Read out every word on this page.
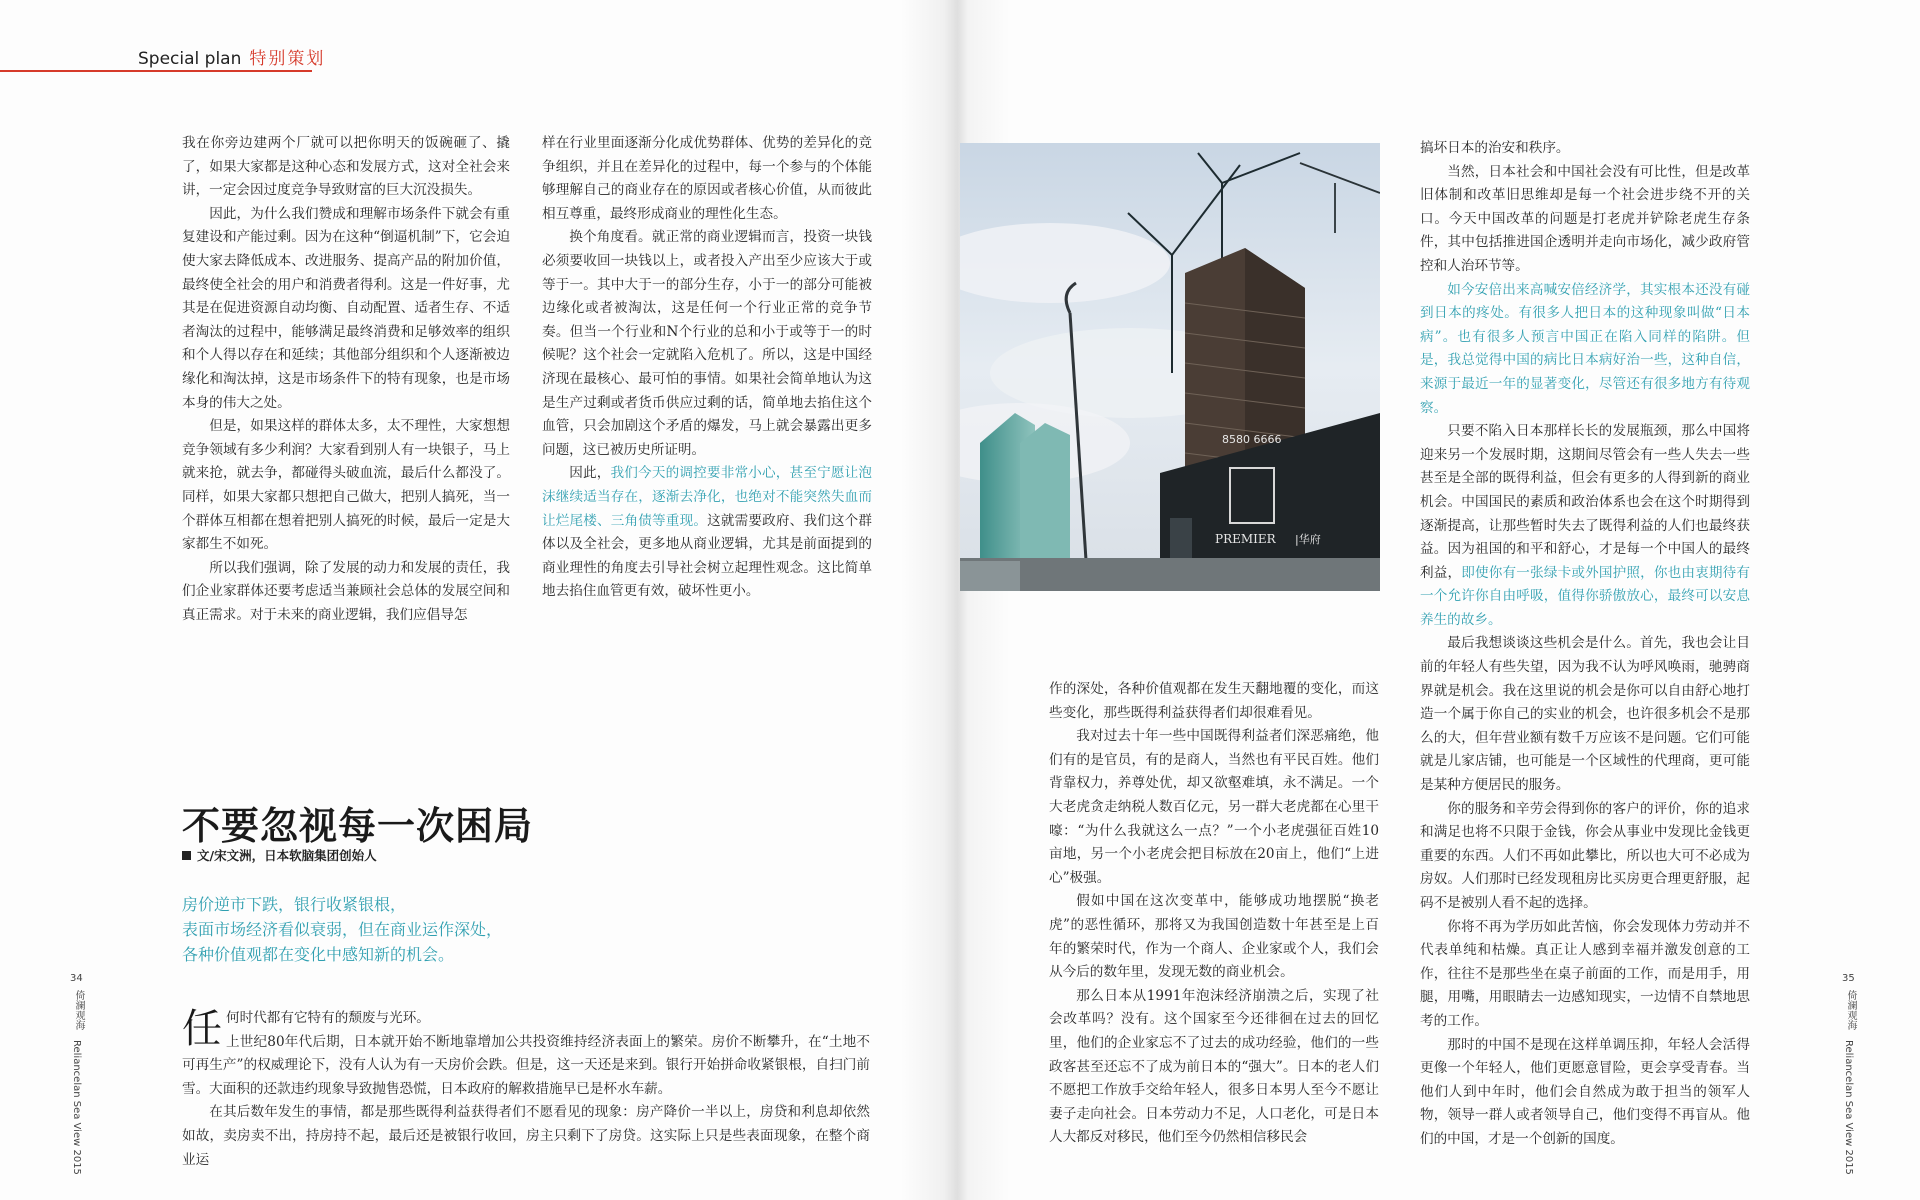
Special plan 特别策划

我在你旁边建两个厂就可以把你明天的饭碗砸了、撬了，如果大家都是这种心态和发展方式，这对全社会来讲，一定会因过度竞争导致财富的巨大沉没损失。

因此，为什么我们赞成和理解市场条件下就会有重复建设和产能过剩。因为在这种“倒逼机制”下，它会迫使大家去降低成本、改进服务、提高产品的附加价值，最终使全社会的用户和消费者得利。这是一件好事，尤其是在促进资源自动均衡、自动配置、适者生存、不适者淘汰的过程中，能够满足最终消费和足够效率的组织和个人得以存在和延续；其他部分组织和个人逐渐被边缘化和淘汰掉，这是市场条件下的特有现象，也是市场本身的伟大之处。

但是，如果这样的群体太多，太不理性，大家想想竞争领域有多少利润？大家看到别人有一块银子，马上就来抢，就去争，都碰得头破血流，最后什么都没了。同样，如果大家都只想把自己做大，把别人搞死，当一个群体互相都在想着把别人搞死的时候，最后一定是大家都生不如死。

所以我们强调，除了发展的动力和发展的责任，我们企业家群体还要考虑适当兼顾社会总体的发展空间和真正需求。对于未来的商业逻辑，我们应倡导怎

样在行业里面逐渐分化成优势群体、优势的差异化的竞争组织，并且在差异化的过程中，每一个参与的个体能够理解自己的商业存在的原因或者核心价值，从而彼此相互尊重，最终形成商业的理性化生态。

换个角度看。就正常的商业逻辑而言，投资一块钱必须要收回一块钱以上，或者投入产出至少应该大于或等于一。其中大于一的部分生存，小于一的部分可能被边缘化或者被淘汰，这是任何一个行业正常的竞争节奏。但当一个行业和N个行业的总和小于或等于一的时候呢？这个社会一定就陷入危机了。所以，这是中国经济现在最核心、最可怕的事情。如果社会简单地认为这是生产过剩或者货币供应过剩的话，简单地去掐住这个血管，只会加剧这个矛盾的爆发，马上就会暴露出更多问题，这已被历史所证明。

因此，我们今天的调控要非常小心，甚至宁愿让泡沫继续适当存在，逐渐去净化，也绝对不能突然失血而让烂尾楼、三角债等重现。这就需要政府、我们这个群体以及全社会，更多地从商业逻辑，尤其是前面提到的商业理性的角度去引导社会树立起理性观念。这比简单地去掐住血管更有效，破坏性更小。

不要忽视每一次困局
文/宋文洲，日本软脑集团创始人
房价逆市下跌，银行收紧银根，
表面市场经济看似衰弱，但在商业运作深处，
各种价值观都在变化中感知新的机会。

任何时代都有它特有的颓废与光环。
上世纪80年代后期，日本就开始不断地靠增加公共投资维持经济表面上的繁荣。房价不断攀升，在“土地不可再生产”的权威理论下，没有人认为有一天房价会跌。但是，这一天还是来到。银行开始拼命收紧银根，自扫门前雪。大面积的还款违约现象导致抛售恐慌，日本政府的解救措施早已是杯水车薪。

在其后数年发生的事情，都是那些既得利益获得者们不愿看见的现象：房产降价一半以上，房贷和利息却依然如故，卖房卖不出，持房持不起，最后还是被银行收回，房主只剩下了房贷。这实际上只是些表面现象，在整个商业运

34
倚澜观海
Reliancelan Sea View 2015

作的深处，各种价值观都在发生天翻地覆的变化，而这些变化，那些既得利益获得者们却很难看见。

我对过去十年一些中国既得利益者们深恶痛绝，他们有的是官员，有的是商人，当然也有平民百姓。他们背靠权力，养尊处优，却又欲壑难填，永不满足。一个大老虎贪走纳税人数百亿元，另一群大老虎都在心里干嚎：“为什么我就这么一点？”一个小老虎强征百姓10亩地，另一个小老虎会把目标放在20亩上，他们“上进心”极强。

假如中国在这次变革中，能够成功地摆脱“换老虎”的恶性循环，那将又为我国创造数十年甚至是上百年的繁荣时代，作为一个商人、企业家或个人，我们会从今后的数年里，发现无数的商业机会。

那么日本从1991年泡沫经济崩溃之后，实现了社会改革吗？没有。这个国家至今还徘徊在过去的回忆里，他们的企业家忘不了过去的成功经验，他们的一些政客甚至还忘不了成为前日本的“强大”。日本的老人们不愿把工作放手交给年轻人，很多日本男人至今不愿让妻子走向社会。日本劳动力不足，人口老化，可是日本人大都反对移民，他们至今仍然相信移民会

搞坏日本的治安和秩序。

当然，日本社会和中国社会没有可比性，但是改革旧体制和改革旧思维却是每一个社会进步绕不开的关口。今天中国改革的问题是打老虎并铲除老虎生存条件，其中包括推进国企透明并走向市场化，减少政府管控和人治环节等。

如今安倍出来高喊安倍经济学，其实根本还没有碰到日本的疼处。有很多人把日本的这种现象叫做“日本病”。也有很多人预言中国正在陷入同样的陷阱。但是，我总觉得中国的病比日本病好治一些，这种自信，来源于最近一年的显著变化，尽管还有很多地方有待观察。

只要不陷入日本那样长长的发展瓶颈，那么中国将迎来另一个发展时期，这期间尽管会有一些人失去一些甚至是全部的既得利益，但会有更多的人得到新的商业机会。中国国民的素质和政治体系也会在这个时期得到逐渐提高，让那些暂时失去了既得利益的人们也最终获益。因为祖国的和平和舒心，才是每一个中国人的最终利益，即使你有一张绿卡或外国护照，你也由衷期待有一个允许你自由呼吸，值得你骄傲放心，最终可以安息养生的故乡。

最后我想谈谈这些机会是什么。首先，我也会让目前的年轻人有些失望，因为我不认为呼风唤雨，驰骋商界就是机会。我在这里说的机会是你可以自由舒心地打造一个属于你自己的实业的机会，也许很多机会不是那么的大，但年营业额有数千万应该不是问题。它们可能就是儿家店铺，也可能是一个区域性的代理商，更可能是某种方便居民的服务。

你的服务和辛劳会得到你的客户的评价，你的追求和满足也将不只限于金钱，你会从事业中发现比金钱更重要的东西。人们不再如此攀比，所以也大可不必成为房奴。人们那时已经发现租房比买房更合理更舒服，起码不是被别人看不起的选择。

你将不再为学历如此苦恼，你会发现体力劳动并不代表单纯和枯燥。真正让人感到幸福并激发创意的工作，往往不是那些坐在桌子前面的工作，而是用手，用腿，用嘴，用眼睛去一边感知现实，一边情不自禁地思考的工作。

那时的中国不是现在这样单调压抑，年轻人会活得更像一个年轻人，他们更愿意冒险，更会享受青春。当他们人到中年时，他们会自然成为敢于担当的领军人物，领导一群人或者领导自己，他们变得不再盲从。他们的中国，才是一个创新的国度。

35
倚澜观海
Reliancelan Sea View 2015
8580 6666
PREMIER |华府
